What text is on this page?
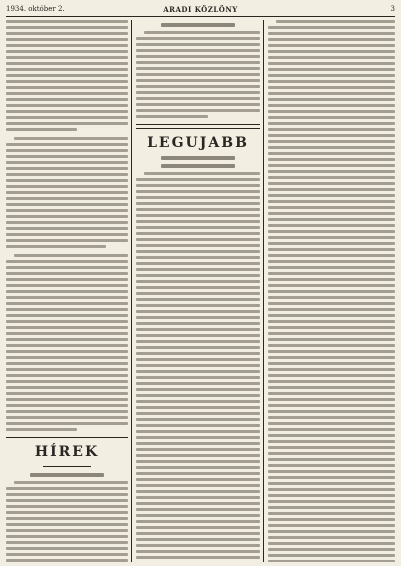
1934. október 2.	ARADI KÖZLÖNY	3
HÍREK
LEGUJABB
